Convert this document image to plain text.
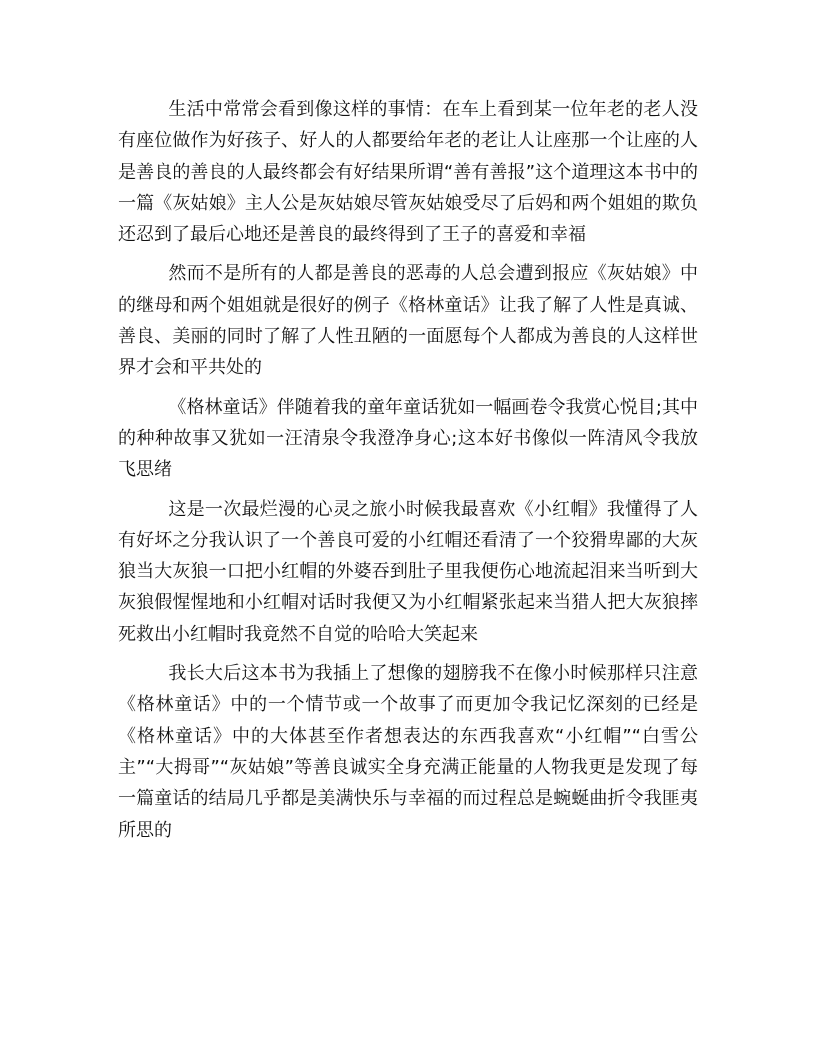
生活中常常会看到像这样的事情：在车上看到某一位年老的老人没有座位做作为好孩子、好人的人都要给年老的老让人让座那一个让座的人是善良的善良的人最终都会有好结果所谓“善有善报”这个道理这本书中的一篇《灰姑娘》主人公是灰姑娘尽管灰姑娘受尽了后妈和两个姐姐的欺负还忍到了最后心地还是善良的最终得到了王子的喜爱和幸福

然而不是所有的人都是善良的恶毒的人总会遭到报应《灰姑娘》中的继母和两个姐姐就是很好的例子《格林童话》让我了解了人性是真诚、善良、美丽的同时了解了人性丑陋的一面愿每个人都成为善良的人这样世界才会和平共处的

《格林童话》伴随着我的童年童话犹如一幅画卷令我赏心悦目;其中的种种故事又犹如一汪清泉令我澄净身心;这本好书像似一阵清风令我放飞思绪

这是一次最烂漫的心灵之旅小时候我最喜欢《小红帽》我懂得了人有好坏之分我认识了一个善良可爱的小红帽还看清了一个狡猾卑鄙的大灰狼当大灰狼一口把小红帽的外婆吞到肚子里我便伤心地流起泪来当听到大灰狼假惺惺地和小红帽对话时我便又为小红帽紧张起来当猎人把大灰狼摔死救出小红帽时我竟然不自觉的哈哈大笑起来

我长大后这本书为我插上了想像的翅膀我不在像小时候那样只注意《格林童话》中的一个情节或一个故事了而更加令我记忆深刻的已经是《格林童话》中的大体甚至作者想表达的东西我喜欢“小红帽”“白雪公主”“大拇哥”“灰姑娘”等善良诚实全身充满正能量的人物我更是发现了每一篇童话的结局几乎都是美满快乐与幸福的而过程总是蜿蜒曲折令我匪夷所思的
